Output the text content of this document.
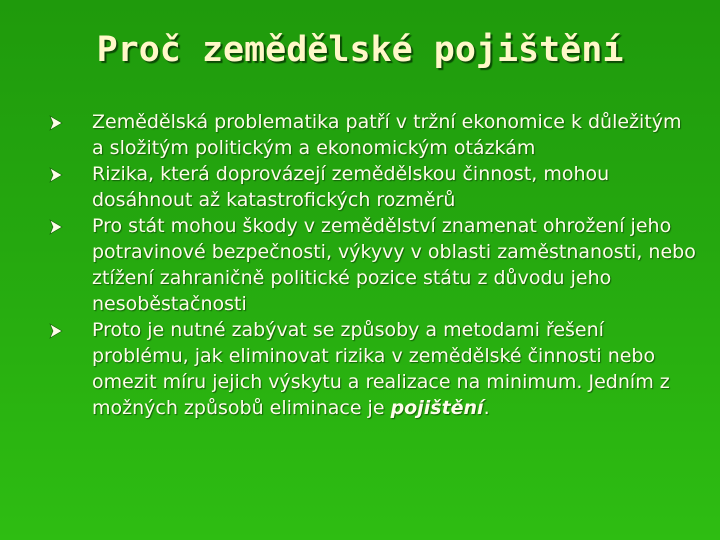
Proč zemědělské pojištění
Zemědělská problematika patří v tržní ekonomice k důležitým a složitým politickým a ekonomickým otázkám
Rizika, která doprovázejí zemědělskou činnost, mohou dosáhnout až katastrofických rozměrů
Pro stát mohou škody v zemědělství znamenat ohrožení jeho potravinové bezpečnosti, výkyvy v oblasti zaměstnanosti, nebo ztížení zahraničně politické pozice státu z důvodu jeho nesoběstačnosti
Proto je nutné zabývat se způsoby a metodami řešení problému, jak eliminovat rizika v zemědělské činnosti nebo omezit míru jejich výskytu a realizace na minimum. Jedním z možných způsobů eliminace je pojištění.
